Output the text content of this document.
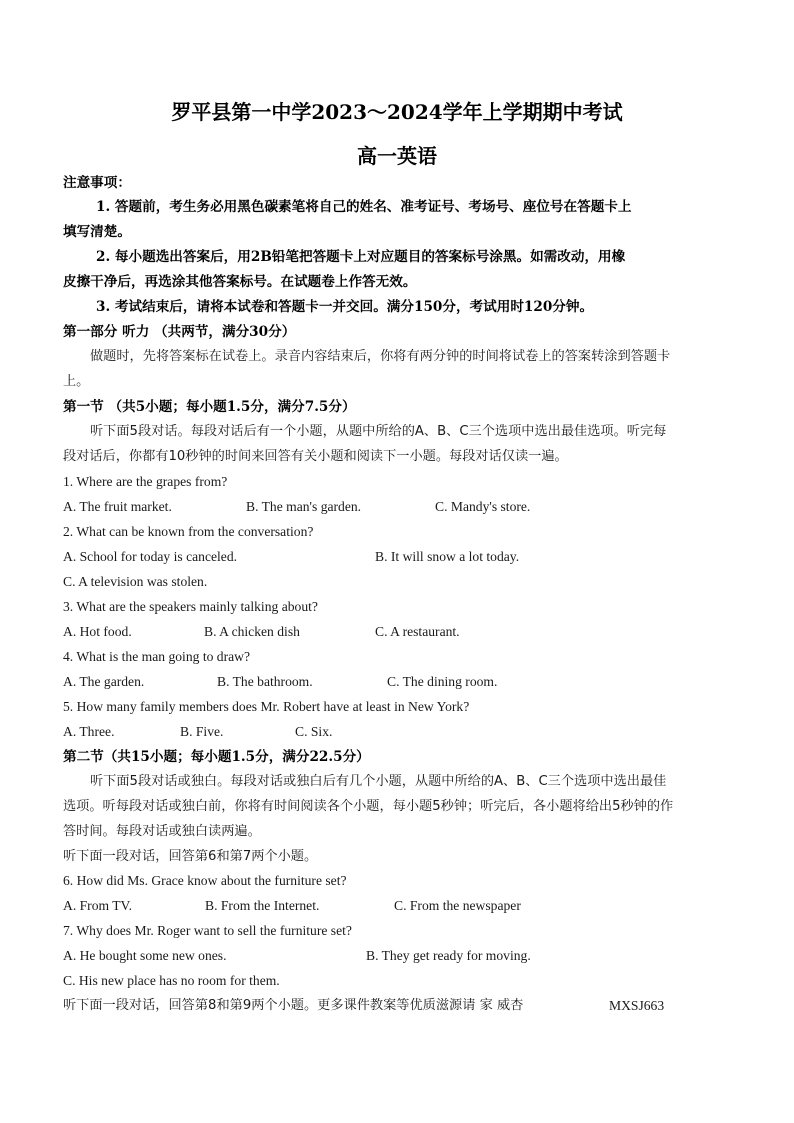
罗平县第一中学2023～2024学年上学期期中考试
高一英语
注意事项：
1. 答题前，考生务必用黑色碳素笔将自己的姓名、准考证号、考场号、座位号在答题卡上
填写清楚。
2. 每小题选出答案后，用2B铅笔把答题卡上对应题目的答案标号涂黑。如需改动，用橡
皮擦干净后，再选涂其他答案标号。在试题卷上作答无效。
3. 考试结束后，请将本试卷和答题卡一并交回。满分150分，考试用时120分钟。
第一部分 听力 （共两节，满分30分）
做题时，先将答案标在试卷上。录音内容结束后，你将有两分钟的时间将试卷上的答案转涂到答题卡
上。
第一节 （共5小题；每小题1.5分，满分7.5分）
听下面5段对话。每段对话后有一个小题，从题中所给的A、B、C三个选项中选出最佳选项。听完每
段对话后，你都有10秒钟的时间来回答有关小题和阅读下一小题。每段对话仅读一遍。
1. Where are the grapes from?
A. The fruit market.	B. The man's garden.	C. Mandy's store.
2. What can be known from the conversation?
A. School for today is canceled.	B. It will snow a lot today.
C. A television was stolen.
3. What are the speakers mainly talking about?
A. Hot food.	B. A chicken dish	C. A restaurant.
4. What is the man going to draw?
A. The garden.	B. The bathroom.	C. The dining room.
5. How many family members does Mr. Robert have at least in New York?
A. Three.	B. Five.	C. Six.
第二节（共15小题；每小题1.5分，满分22.5分）
听下面5段对话或独白。每段对话或独白后有几个小题，从题中所给的A、B、C三个选项中选出最佳
选项。听每段对话或独白前，你将有时间阅读各个小题，每小题5秒钟；听完后，各小题将给出5秒钟的作
答时间。每段对话或独白读两遍。
听下面一段对话，回答第6和第7两个小题。
6. How did Ms. Grace know about the furniture set?
A. From TV.	B. From the Internet.	C. From the newspaper
7. Why does Mr. Roger want to sell the furniture set?
A. He bought some new ones.	B. They get ready for moving.
C. His new place has no room for them.
听下面一段对话，回答第8和第9两个小题。更多课件教案等优质滋源请 家 威杏	MXSJ663
